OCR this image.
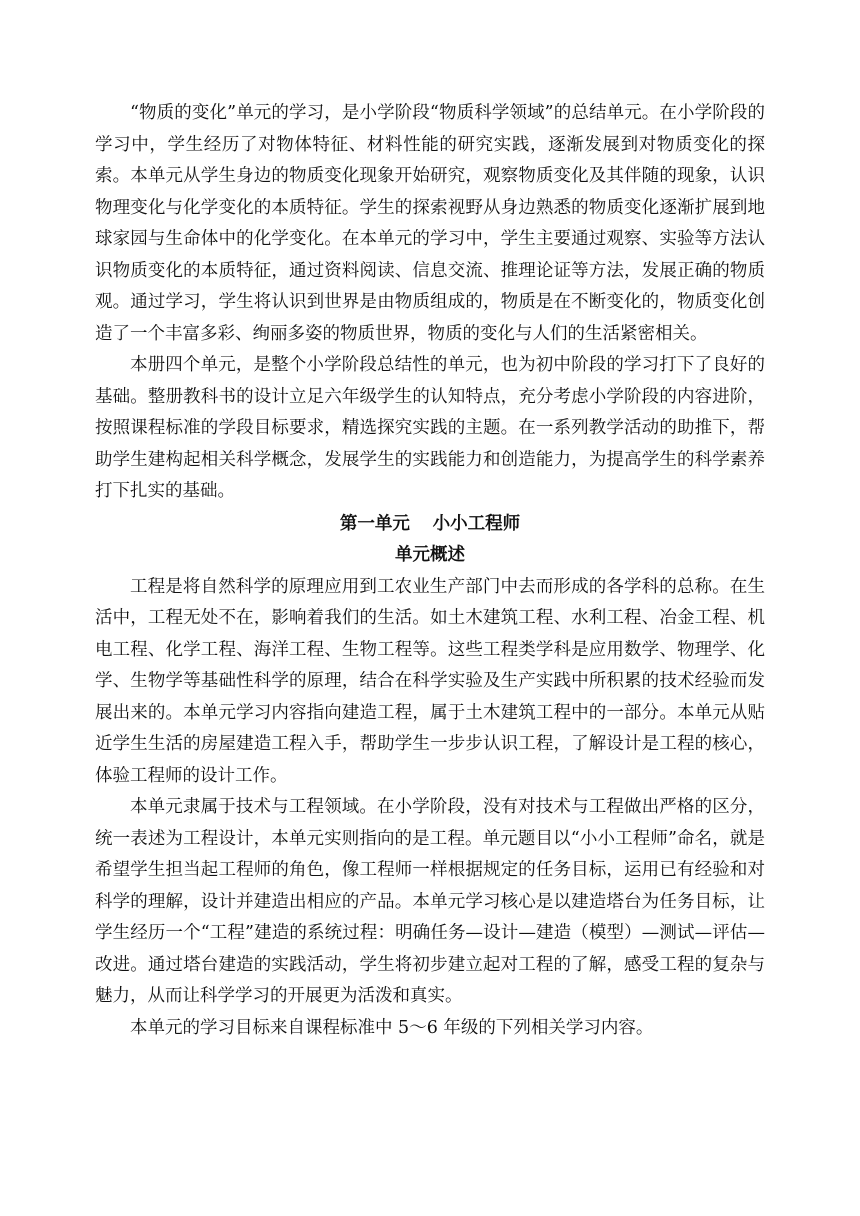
“物质的变化”单元的学习，是小学阶段“物质科学领域”的总结单元。在小学阶段的学习中，学生经历了对物体特征、材料性能的研究实践，逐渐发展到对物质变化的探索。本单元从学生身边的物质变化现象开始研究，观察物质变化及其伴随的现象，认识物理变化与化学变化的本质特征。学生的探索视野从身边熟悉的物质变化逐渐扩展到地球家园与生命体中的化学变化。在本单元的学习中，学生主要通过观察、实验等方法认识物质变化的本质特征，通过资料阅读、信息交流、推理论证等方法，发展正确的物质观。通过学习，学生将认识到世界是由物质组成的，物质是在不断变化的，物质变化创造了一个丰富多彩、绚丽多姿的物质世界，物质的变化与人们的生活紧密相关。

本册四个单元，是整个小学阶段总结性的单元，也为初中阶段的学习打下了良好的基础。整册教科书的设计立足六年级学生的认知特点，充分考虑小学阶段的内容进阶，按照课程标准的学段目标要求，精选探究实践的主题。在一系列教学活动的助推下，帮助学生建构起相关科学概念，发展学生的实践能力和创造能力，为提高学生的科学素养打下扎实的基础。

第一单元 小小工程师
单元概述

工程是将自然科学的原理应用到工农业生产部门中去而形成的各学科的总称。在生活中，工程无处不在，影响着我们的生活。如土木建筑工程、水利工程、冶金工程、机电工程、化学工程、海洋工程、生物工程等。这些工程类学科是应用数学、物理学、化学、生物学等基础性科学的原理，结合在科学实验及生产实践中所积累的技术经验而发展出来的。本单元学习内容指向建造工程，属于土木建筑工程中的一部分。本单元从贴近学生生活的房屋建造工程入手，帮助学生一步步认识工程，了解设计是工程的核心，体验工程师的设计工作。

本单元隶属于技术与工程领域。在小学阶段，没有对技术与工程做出严格的区分，统一表述为工程设计，本单元实则指向的是工程。单元题目以“小小工程师”命名，就是希望学生担当起工程师的角色，像工程师一样根据规定的任务目标，运用已有经验和对科学的理解，设计并建造出相应的产品。本单元学习核心是以建造塔台为任务目标，让学生经历一个“工程”建造的系统过程：明确任务—设计—建造（模型）—测试—评估—改进。通过塔台建造的实践活动，学生将初步建立起对工程的了解，感受工程的复杂与魅力，从而让科学学习的开展更为活泼和真实。

本单元的学习目标来自课程标准中 5～6 年级的下列相关学习内容。
